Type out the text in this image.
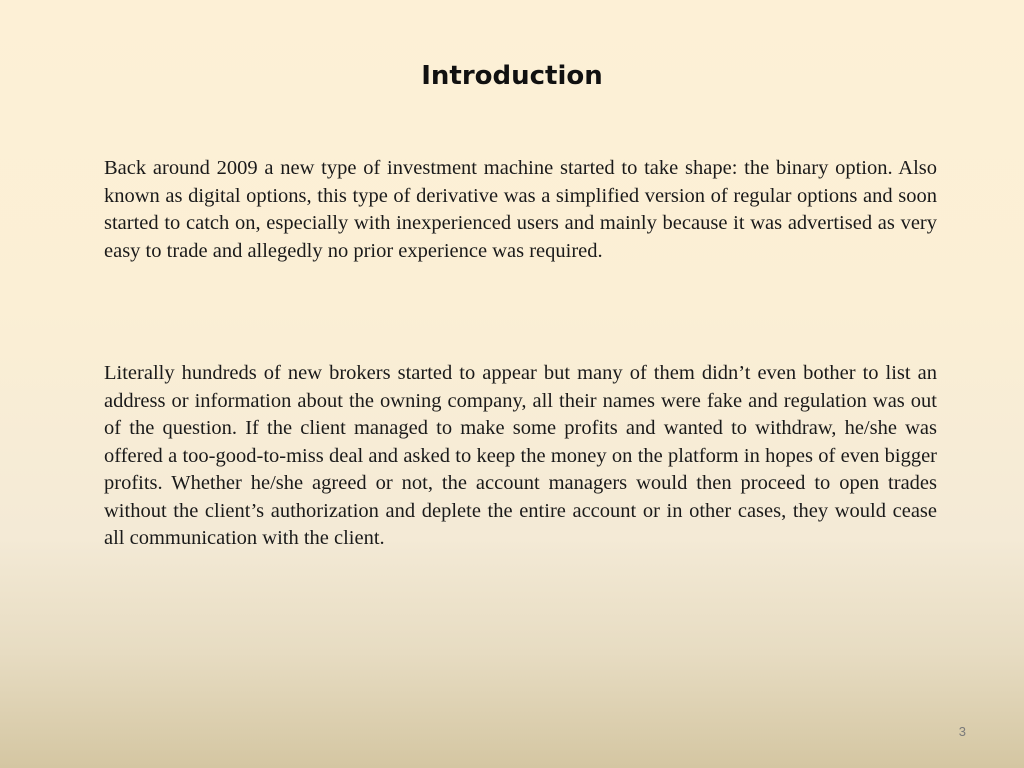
Introduction

Back around 2009 a new type of investment machine started to take shape: the binary option. Also known as digital options, this type of derivative was a simplified version of regular options and soon started to catch on, especially with inexperienced users and mainly because it was advertised as very easy to trade and allegedly no prior experience was required.

Literally hundreds of new brokers started to appear but many of them didn’t even bother to list an address or information about the owning company, all their names were fake and regulation was out of the question. If the client managed to make some profits and wanted to withdraw, he/she was offered a too-good-to-miss deal and asked to keep the money on the platform in hopes of even bigger profits. Whether he/she agreed or not, the account managers would then proceed to open trades without the client’s authorization and deplete the entire account or in other cases, they would cease all communication with the client.

3
